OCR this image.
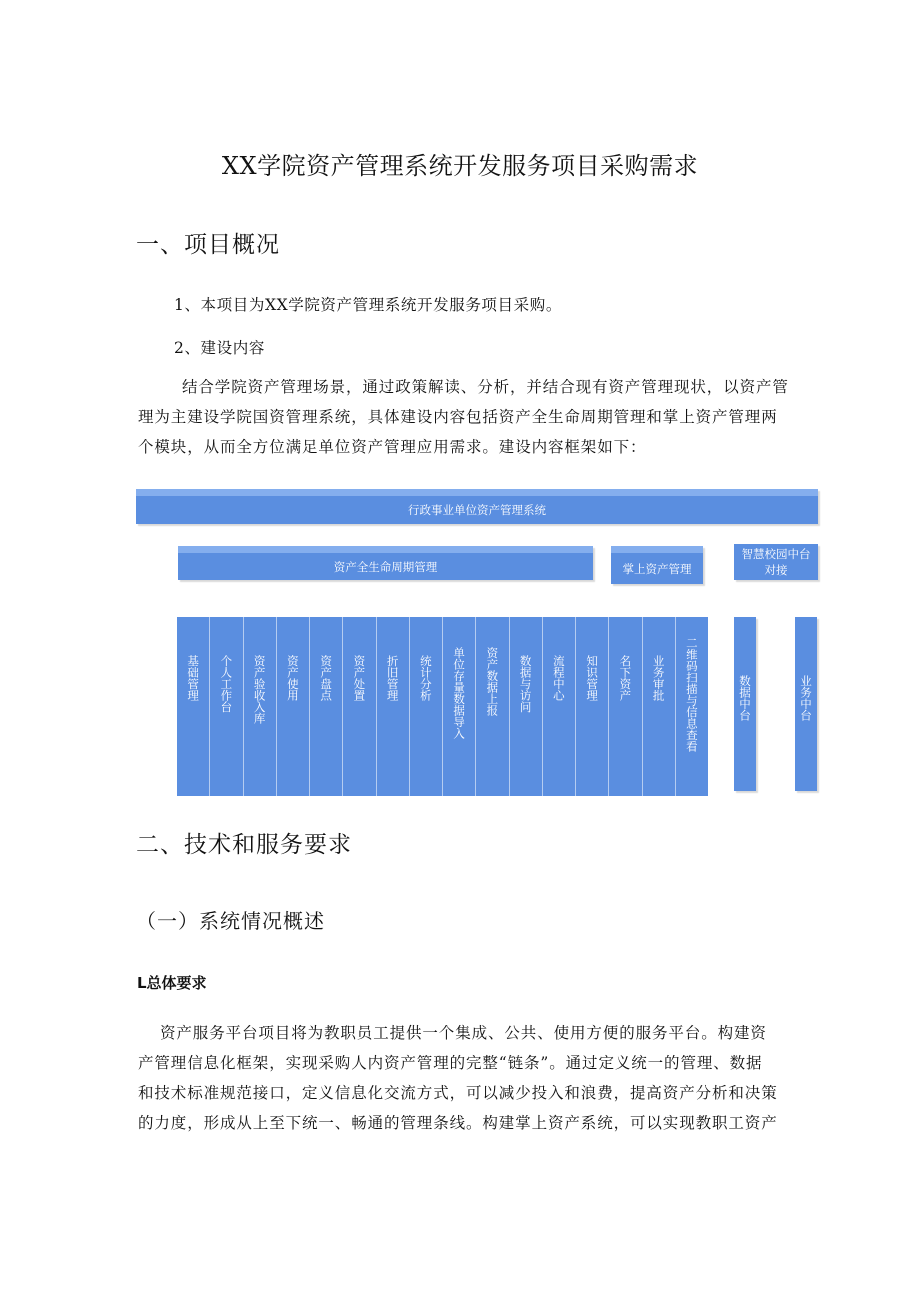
XX学院资产管理系统开发服务项目采购需求
一、项目概况
1、本项目为XX学院资产管理系统开发服务项目采购。
2、建设内容
结合学院资产管理场景，通过政策解读、分析，并结合现有资产管理现状，以资产管
理为主建设学院国资管理系统，具体建设内容包括资产全生命周期管理和掌上资产管理两
个模块，从而全方位满足单位资产管理应用需求。建设内容框架如下：
行政事业单位资产管理系统
资产全生命周期管理	掌上资产管理
智慧校园中台对接
基础管理 个人工作台 资产验收入库 资产使用 资产盘点 资产处置 折旧管理 统计分析 单位存量数据导入 资产数据上报 数据与访问 流程中心 知识管理 名下资产 业务审批 二维码扫描与信息查看	数据中台	业务中台
二、技术和服务要求
（一）系统情况概述
L总体要求
资产服务平台项目将为教职员工提供一个集成、公共、使用方便的服务平台。构建资
产管理信息化框架，实现采购人内资产管理的完整“链条”。通过定义统一的管理、数据
和技术标准规范接口，定义信息化交流方式，可以减少投入和浪费，提高资产分析和决策
的力度，形成从上至下统一、畅通的管理条线。构建掌上资产系统，可以实现教职工资产
